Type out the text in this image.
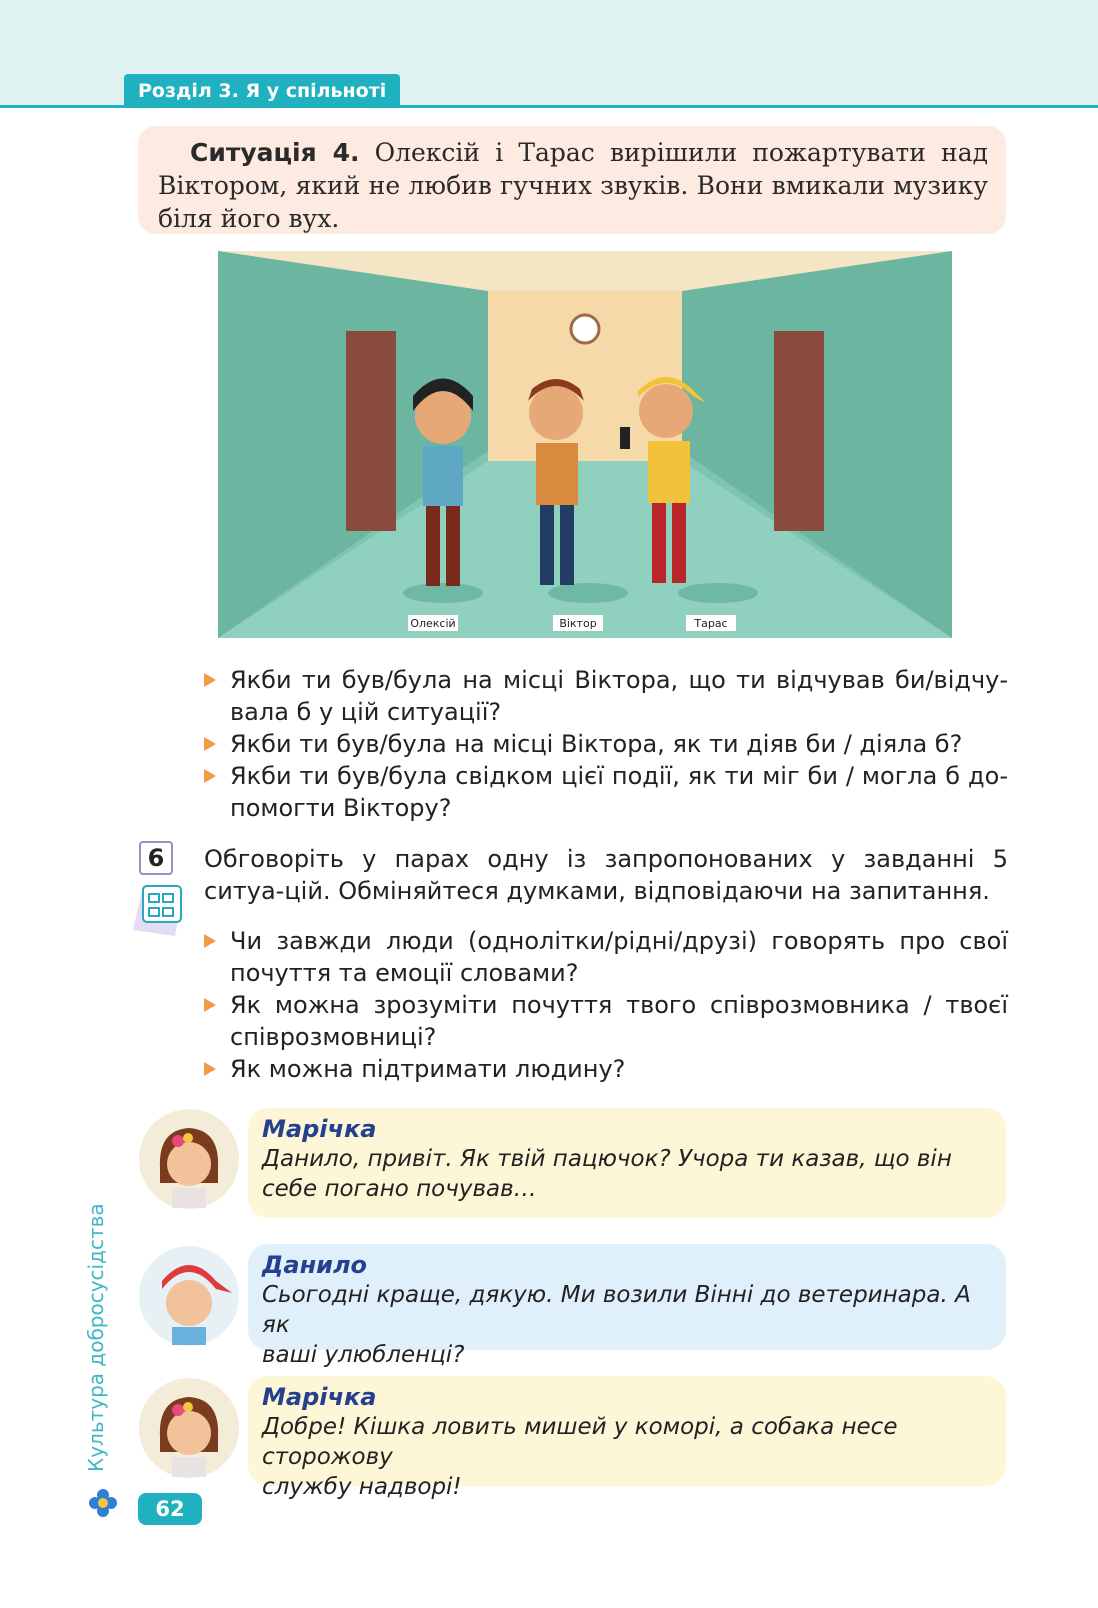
Розділ 3. Я у спільноті
Ситуація 4. Олексій і Тарас вирішили пожартувати над Віктором, який не любив гучних звуків. Вони вмикали музику біля його вух.
Олексій	Віктор	Тарас
Якби ти був/була на місці Віктора, що ти відчував би/відчу-вала б у цій ситуації?
Якби ти був/була на місці Віктора, як ти діяв би / діяла б?
Якби ти був/була свідком цієї події, як ти міг би / могла б до-помогти Віктору?
6	Обговоріть у парах одну із запропонованих у завданні 5 ситуа-цій. Обміняйтеся думками, відповідаючи на запитання.
Чи завжди люди (однолітки/рідні/друзі) говорять про свої почуття та емоції словами?
Як можна зрозуміти почуття твого співрозмовника / твоєї співрозмовниці?
Як можна підтримати людину?
Марічка
Данило, привіт. Як твій пацючок? Учора ти казав, що він
себе погано почував…
Данило
Сьогодні краще, дякую. Ми возили Вінні до ветеринара. А як
ваші улюбленці?
Марічка
Добре! Кішка ловить мишей у коморі, а собака несе сторожову
службу надворі!
Культура добросусідства
62
